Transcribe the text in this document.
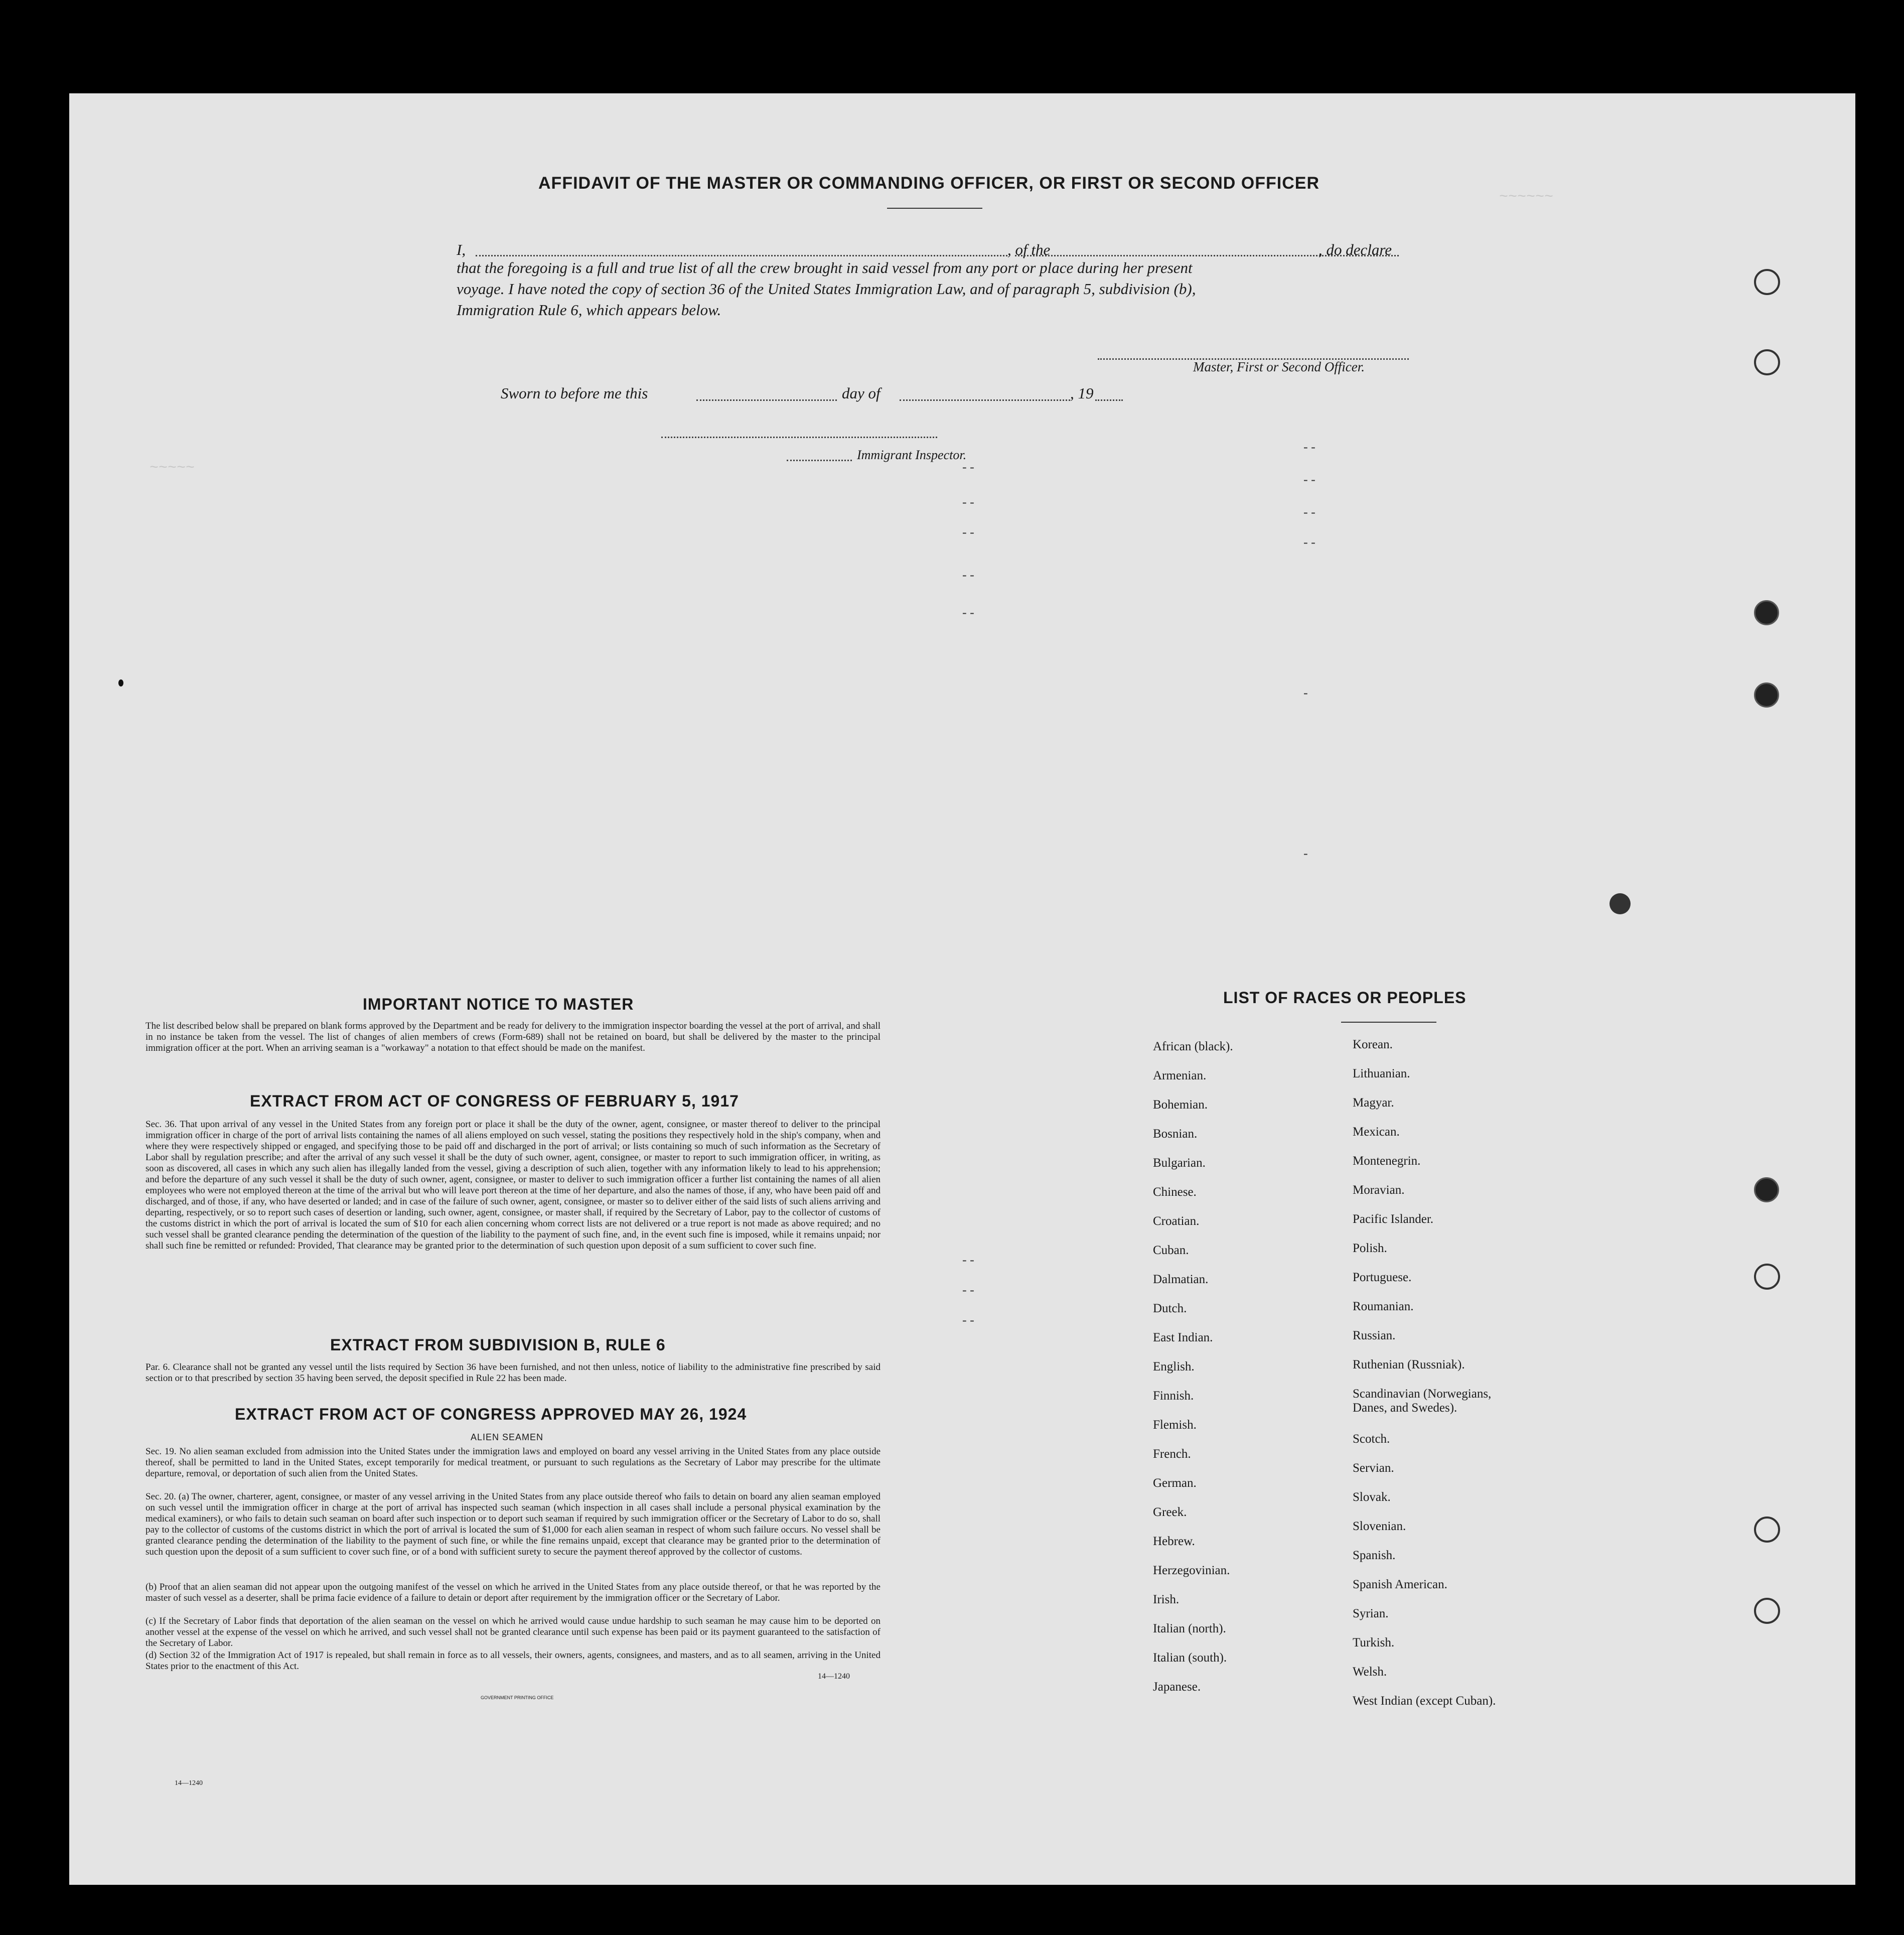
AFFIDAVIT OF THE MASTER OR COMMANDING OFFICER, OR FIRST OR SECOND OFFICER
I,	, of the	, do declare
that the foregoing is a full and true list of all the crew brought in said vessel from any port or place during her present
voyage. I have noted the copy of section 36 of the United States Immigration Law, and of paragraph 5, subdivision (b),
Immigration Rule 6, which appears below.
Master, First or Second Officer.
Sworn to before me this	day of	, 19
Immigrant Inspector.
~~~~~~
~~~~~	- -
- -
- -
- -
- -
- -
- -
- -
- -
-
-
- -
- -
- -
IMPORTANT NOTICE TO MASTER
The list described below shall be prepared on blank forms approved by the Department and be ready for delivery to the immigration inspector boarding the vessel at the port of arrival, and shall in no instance be taken from the vessel. The list of changes of alien members of crews (Form-689) shall not be retained on board, but shall be delivered by the master to the principal immigration officer at the port. When an arriving seaman is a "workaway" a notation to that effect should be made on the manifest.
EXTRACT FROM ACT OF CONGRESS OF FEBRUARY 5, 1917
Sec. 36. That upon arrival of any vessel in the United States from any foreign port or place it shall be the duty of the owner, agent, consignee, or master thereof to deliver to the principal immigration officer in charge of the port of arrival lists containing the names of all aliens employed on such vessel, stating the positions they respectively hold in the ship's company, when and where they were respectively shipped or engaged, and specifying those to be paid off and discharged in the port of arrival; or lists containing so much of such information as the Secretary of Labor shall by regulation prescribe; and after the arrival of any such vessel it shall be the duty of such owner, agent, consignee, or master to report to such immigration officer, in writing, as soon as discovered, all cases in which any such alien has illegally landed from the vessel, giving a description of such alien, together with any information likely to lead to his apprehension; and before the departure of any such vessel it shall be the duty of such owner, agent, consignee, or master to deliver to such immigration officer a further list containing the names of all alien employees who were not employed thereon at the time of the arrival but who will leave port thereon at the time of her departure, and also the names of those, if any, who have been paid off and discharged, and of those, if any, who have deserted or landed; and in case of the failure of such owner, agent, consignee, or master so to deliver either of the said lists of such aliens arriving and departing, respectively, or so to report such cases of desertion or landing, such owner, agent, consignee, or master shall, if required by the Secretary of Labor, pay to the collector of customs of the customs district in which the port of arrival is located the sum of $10 for each alien concerning whom correct lists are not delivered or a true report is not made as above required; and no such vessel shall be granted clearance pending the determination of the question of the liability to the payment of such fine, and, in the event such fine is imposed, while it remains unpaid; nor shall such fine be remitted or refunded: Provided, That clearance may be granted prior to the determination of such question upon deposit of a sum sufficient to cover such fine.
EXTRACT FROM SUBDIVISION B, RULE 6
Par. 6. Clearance shall not be granted any vessel until the lists required by Section 36 have been furnished, and not then unless, notice of liability to the administrative fine prescribed by said section or to that prescribed by section 35 having been served, the deposit specified in Rule 22 has been made.
EXTRACT FROM ACT OF CONGRESS APPROVED MAY 26, 1924
ALIEN SEAMEN
Sec. 19. No alien seaman excluded from admission into the United States under the immigration laws and employed on board any vessel arriving in the United States from any place outside thereof, shall be permitted to land in the United States, except temporarily for medical treatment, or pursuant to such regulations as the Secretary of Labor may prescribe for the ultimate departure, removal, or deportation of such alien from the United States.
Sec. 20. (a) The owner, charterer, agent, consignee, or master of any vessel arriving in the United States from any place outside thereof who fails to detain on board any alien seaman employed on such vessel until the immigration officer in charge at the port of arrival has inspected such seaman (which inspection in all cases shall include a personal physical examination by the medical examiners), or who fails to detain such seaman on board after such inspection or to deport such seaman if required by such immigration officer or the Secretary of Labor to do so, shall pay to the collector of customs of the customs district in which the port of arrival is located the sum of $1,000 for each alien seaman in respect of whom such failure occurs. No vessel shall be granted clearance pending the determination of the liability to the payment of such fine, or while the fine remains unpaid, except that clearance may be granted prior to the determination of such question upon the deposit of a sum sufficient to cover such fine, or of a bond with sufficient surety to secure the payment thereof approved by the collector of customs.
(b) Proof that an alien seaman did not appear upon the outgoing manifest of the vessel on which he arrived in the United States from any place outside thereof, or that he was reported by the master of such vessel as a deserter, shall be prima facie evidence of a failure to detain or deport after requirement by the immigration officer or the Secretary of Labor.
(c) If the Secretary of Labor finds that deportation of the alien seaman on the vessel on which he arrived would cause undue hardship to such seaman he may cause him to be deported on another vessel at the expense of the vessel on which he arrived, and such vessel shall not be granted clearance until such expense has been paid or its payment guaranteed to the satisfaction of the Secretary of Labor.
(d) Section 32 of the Immigration Act of 1917 is repealed, but shall remain in force as to all vessels, their owners, agents, consignees, and masters, and as to all seamen, arriving in the United States prior to the enactment of this Act.
14—1240
GOVERNMENT PRINTING OFFICE
LIST OF RACES OR PEOPLES
African (black).
Armenian.
Bohemian.
Bosnian.
Bulgarian.
Chinese.
Croatian.
Cuban.
Dalmatian.
Dutch.
East Indian.
English.
Finnish.
Flemish.
French.
German.
Greek.
Hebrew.
Herzegovinian.
Irish.
Italian (north).
Italian (south).
Japanese.
Korean.
Lithuanian.
Magyar.
Mexican.
Montenegrin.
Moravian.
Pacific Islander.
Polish.
Portuguese.
Roumanian.
Russian.
Ruthenian (Russniak).
Scandinavian (Norwegians,
Danes, and Swedes).
Scotch.
Servian.
Slovak.
Slovenian.
Spanish.
Spanish American.
Syrian.
Turkish.
Welsh.
West Indian (except Cuban).
14—1240
